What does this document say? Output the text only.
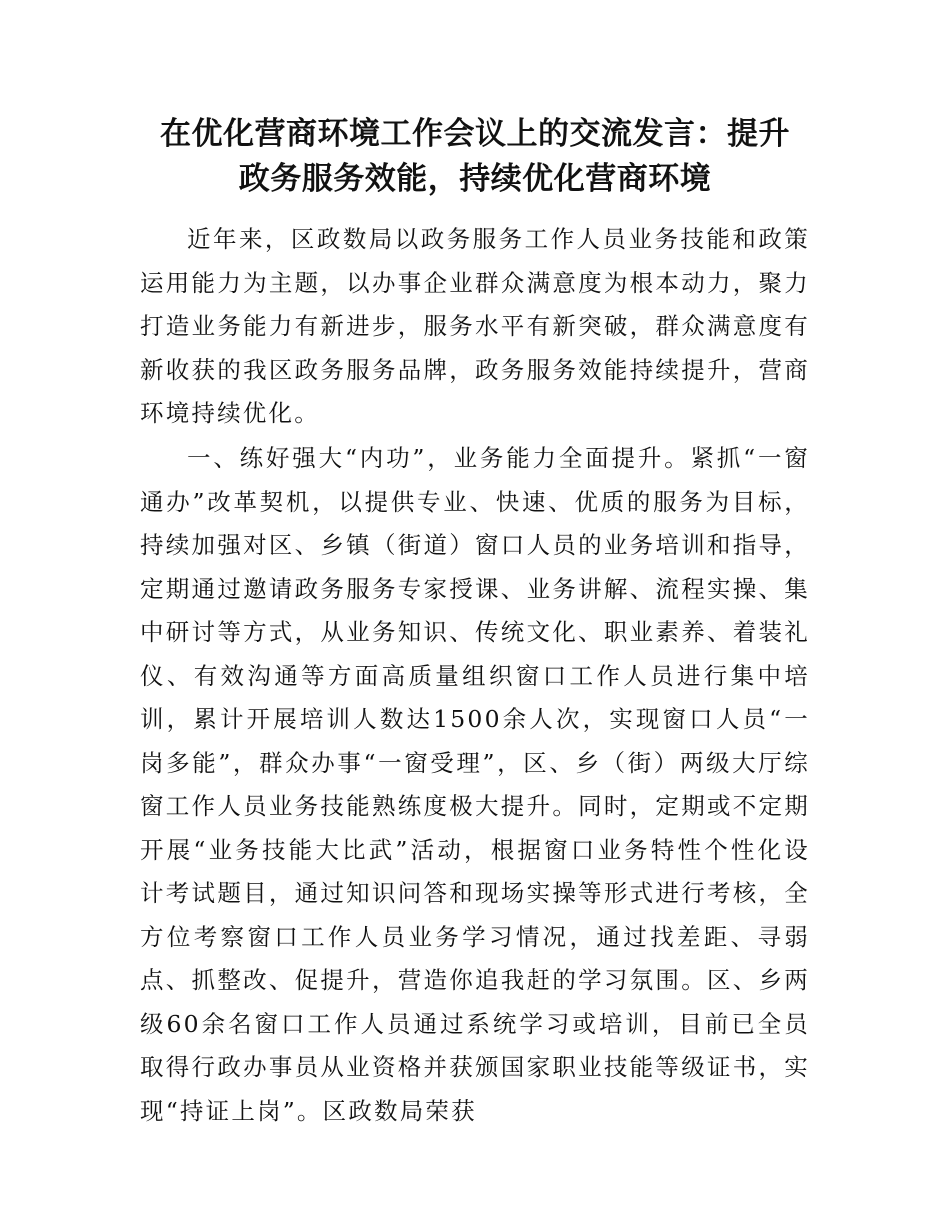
在优化营商环境工作会议上的交流发言：提升
政务服务效能，持续优化营商环境

近年来，区政数局以政务服务工作人员业务技能和政策运用能力为主题，以办事企业群众满意度为根本动力，聚力打造业务能力有新进步，服务水平有新突破，群众满意度有新收获的我区政务服务品牌，政务服务效能持续提升，营商环境持续优化。

一、练好强大“内功”，业务能力全面提升。紧抓“一窗通办”改革契机，以提供专业、快速、优质的服务为目标，持续加强对区、乡镇（街道）窗口人员的业务培训和指导，定期通过邀请政务服务专家授课、业务讲解、流程实操、集中研讨等方式，从业务知识、传统文化、职业素养、着装礼仪、有效沟通等方面高质量组织窗口工作人员进行集中培训，累计开展培训人数达1500余人次，实现窗口人员“一岗多能”，群众办事“一窗受理”，区、乡（街）两级大厅综窗工作人员业务技能熟练度极大提升。同时，定期或不定期开展“业务技能大比武”活动，根据窗口业务特性个性化设计考试题目，通过知识问答和现场实操等形式进行考核，全方位考察窗口工作人员业务学习情况，通过找差距、寻弱点、抓整改、促提升，营造你追我赶的学习氛围。区、乡两级60余名窗口工作人员通过系统学习或培训，目前已全员取得行政办事员从业资格并获颁国家职业技能等级证书，实现“持证上岗”。区政数局荣获
